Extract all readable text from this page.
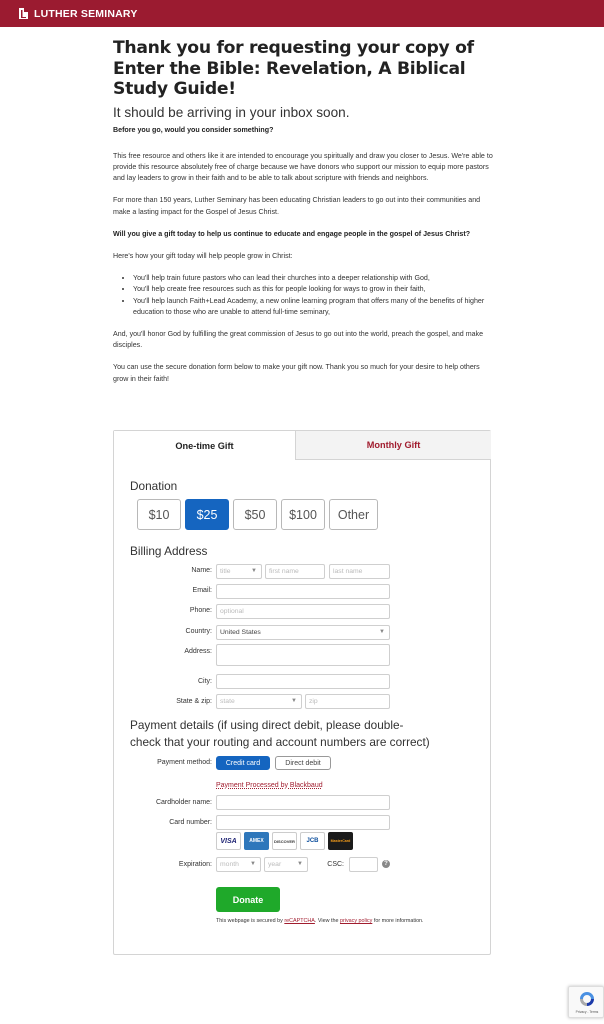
LUTHER SEMINARY
Thank you for requesting your copy of Enter the Bible: Revelation, A Biblical Study Guide!
It should be arriving in your inbox soon.
Before you go, would you consider something?
This free resource and others like it are intended to encourage you spiritually and draw you closer to Jesus. We're able to provide this resource absolutely free of charge because we have donors who support our mission to equip more pastors and lay leaders to grow in their faith and to be able to talk about scripture with friends and neighbors.
For more than 150 years, Luther Seminary has been educating Christian leaders to go out into their communities and make a lasting impact for the Gospel of Jesus Christ.
Will you give a gift today to help us continue to educate and engage people in the gospel of Jesus Christ?
Here's how your gift today will help people grow in Christ:
• You'll help train future pastors who can lead their churches into a deeper relationship with God,
• You'll help create free resources such as this for people looking for ways to grow in their faith,
• You'll help launch Faith+Lead Academy, a new online learning program that offers many of the benefits of higher education to those who are unable to attend full-time seminary,
And, you'll honor God by fulfilling the great commission of Jesus to go out into the world, preach the gospel, and make disciples.
You can use the secure donation form below to make your gift now. Thank you so much for your desire to help others grow in their faith!
One-time Gift	Monthly Gift
Donation
$10	$25	$50	$100	Other
Billing Address
Name: title	▼ first name	last name
Email:
Phone: optional
Country: United States	▼
Address:
City:
State & zip: state	▼ zip
Payment details (if using direct debit, please double-check that your routing and account numbers are correct)
Payment method:	Credit card	Direct debit
Payment Processed by Blackbaud
Cardholder name:
Card number:
VISA	AMEX	DISCOVER	JCB	MasterCard
Expiration: month ▼ year	▼	CSC:	?
Donate
This webpage is secured by reCAPTCHA. View the privacy policy for more information.
Privacy - Terms
